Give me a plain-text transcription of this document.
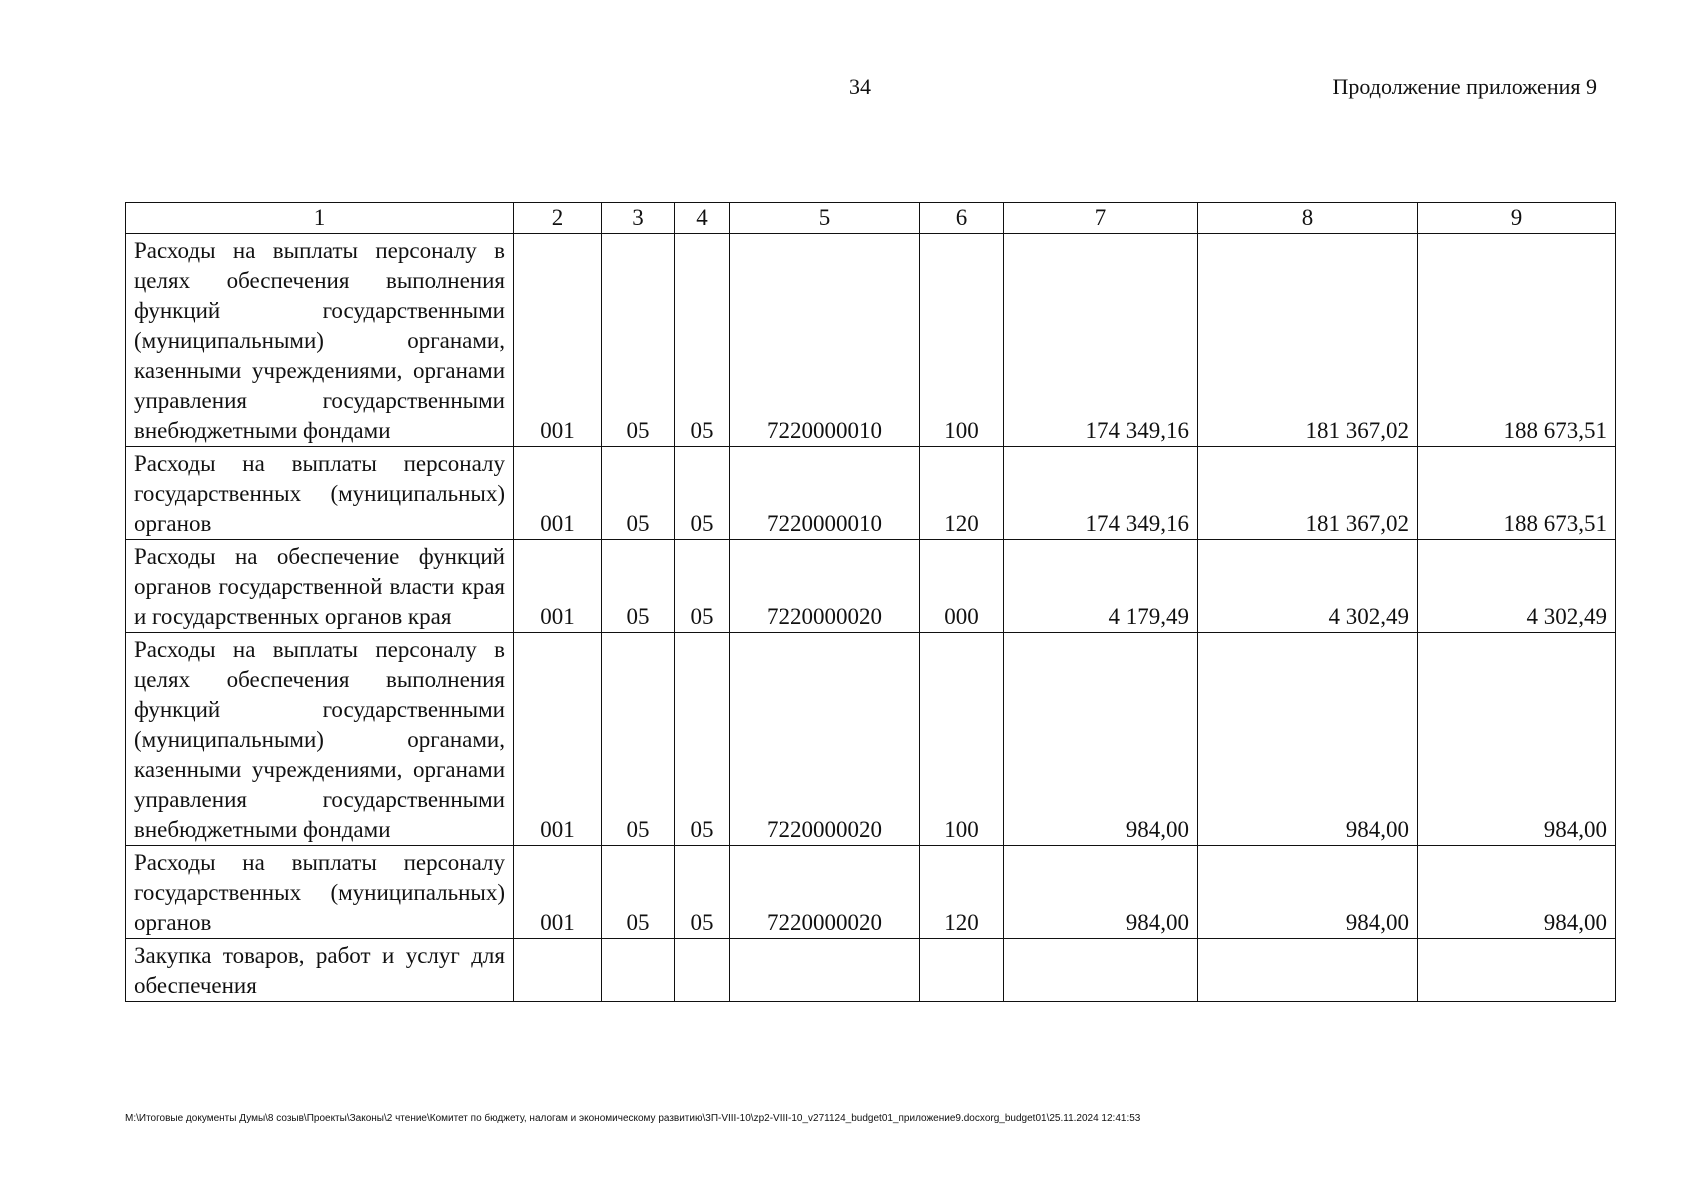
34	Продолжение приложения 9
1	2	3	4	5	6	7	8	9
Расходы на выплаты персоналу в целях обеспечения выполнения функций государственными (муниципальными) органами, казенными учреждениями, органами управления государственными внебюджетными фондами	001	05	05	7220000010	100	174 349,16	181 367,02	188 673,51
Расходы на выплаты персоналу государственных (муниципальных) органов	001	05	05	7220000010	120	174 349,16	181 367,02	188 673,51
Расходы на обеспечение функций органов государственной власти края и государственных органов края	001	05	05	7220000020	000	4 179,49	4 302,49	4 302,49
Расходы на выплаты персоналу в целях обеспечения выполнения функций государственными (муниципальными) органами, казенными учреждениями, органами управления государственными внебюджетными фондами	001	05	05	7220000020	100	984,00	984,00	984,00
Расходы на выплаты персоналу государственных (муниципальных) органов	001	05	05	7220000020	120	984,00	984,00	984,00
Закупка товаров, работ и услуг для обеспечения								
М:\Итоговые документы Думы\8 созыв\Проекты\Законы\2 чтение\Комитет по бюджету, налогам и экономическому развитию\3П-VIII-10\zp2-VIII-10_v271124_budget01_приложение9.docxorg_budget01\25.11.2024 12:41:53
